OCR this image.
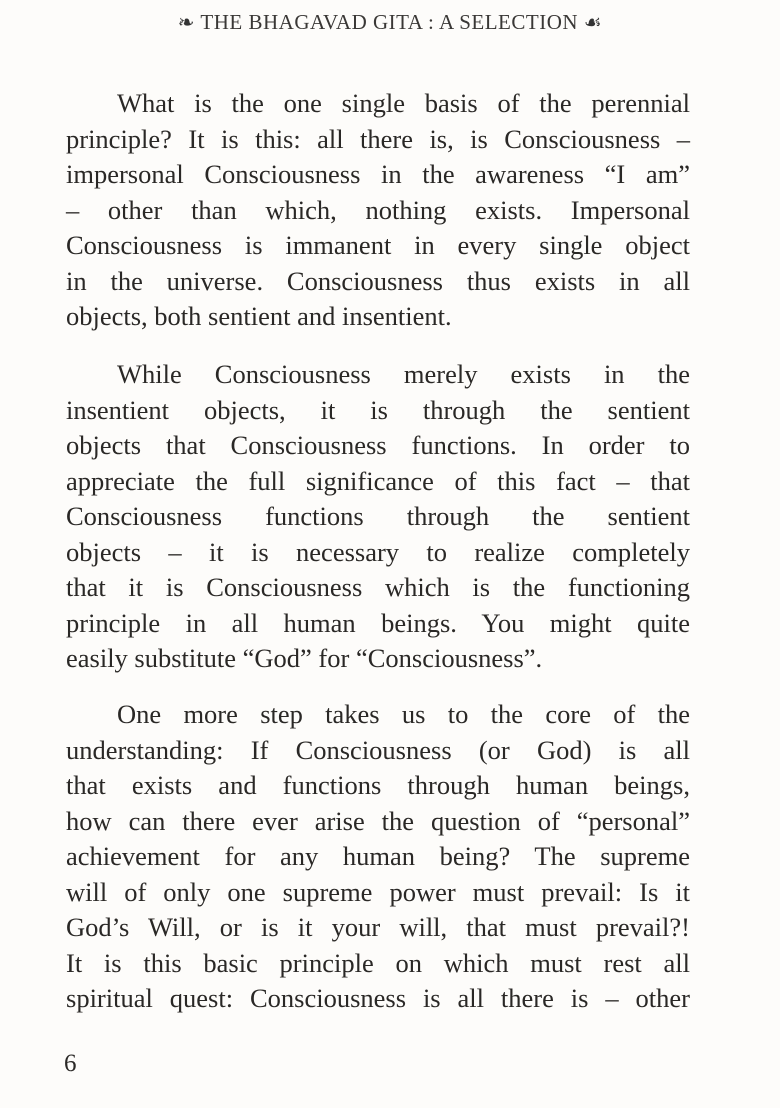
❧ THE BHAGAVAD GITA : A SELECTION ☙
What is the one single basis of the perennial
principle? It is this: all there is, is Consciousness –
impersonal Consciousness in the awareness “I am”
– other than which, nothing exists. Impersonal
Consciousness is immanent in every single object
in the universe. Consciousness thus exists in all
objects, both sentient and insentient.
While Consciousness merely exists in the
insentient objects, it is through the sentient
objects that Consciousness functions. In order to
appreciate the full significance of this fact – that
Consciousness functions through the sentient
objects – it is necessary to realize completely
that it is Consciousness which is the functioning
principle in all human beings. You might quite
easily substitute “God” for “Consciousness”.
One more step takes us to the core of the
understanding: If Consciousness (or God) is all
that exists and functions through human beings,
how can there ever arise the question of “personal”
achievement for any human being? The supreme
will of only one supreme power must prevail: Is it
God’s Will, or is it your will, that must prevail?!
It is this basic principle on which must rest all
spiritual quest: Consciousness is all there is – other
6
